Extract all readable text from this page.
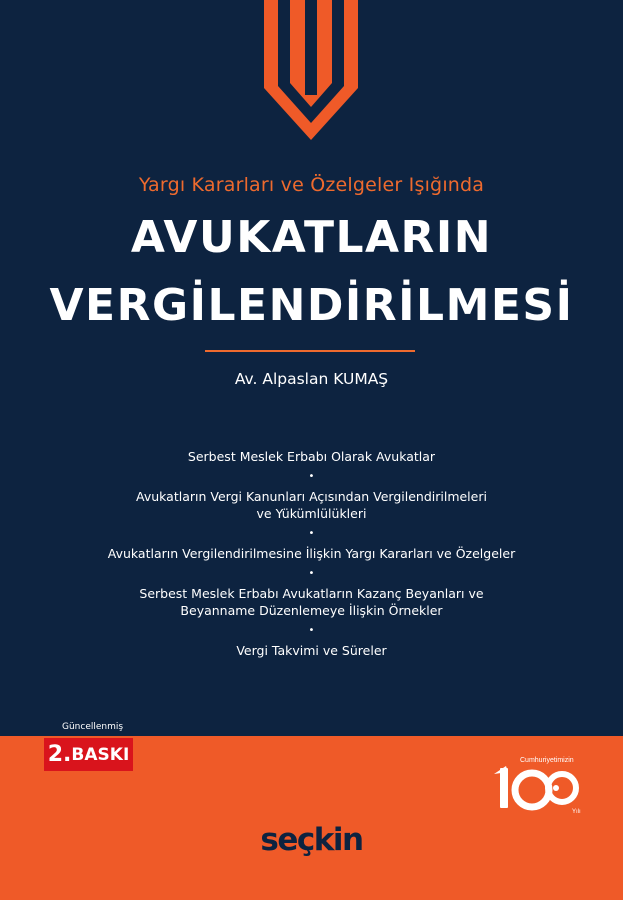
Yargı Kararları ve Özelgeler Işığında
AVUKATLARIN
VERGİLENDİRİLMESİ
Av. Alpaslan KUMAŞ
Serbest Meslek Erbabı Olarak Avukatlar
•
Avukatların Vergi Kanunları Açısından Vergilendirilmeleri
ve Yükümlülükleri
•
Avukatların Vergilendirilmesine İlişkin Yargı Kararları ve Özelgeler
•
Serbest Meslek Erbabı Avukatların Kazanç Beyanları ve
Beyanname Düzenlemeye İlişkin Örnekler
•
Vergi Takvimi ve Süreler
Güncellenmiş
2. BASKI	Cumhuriyetimizin
Yılı
seçkin
